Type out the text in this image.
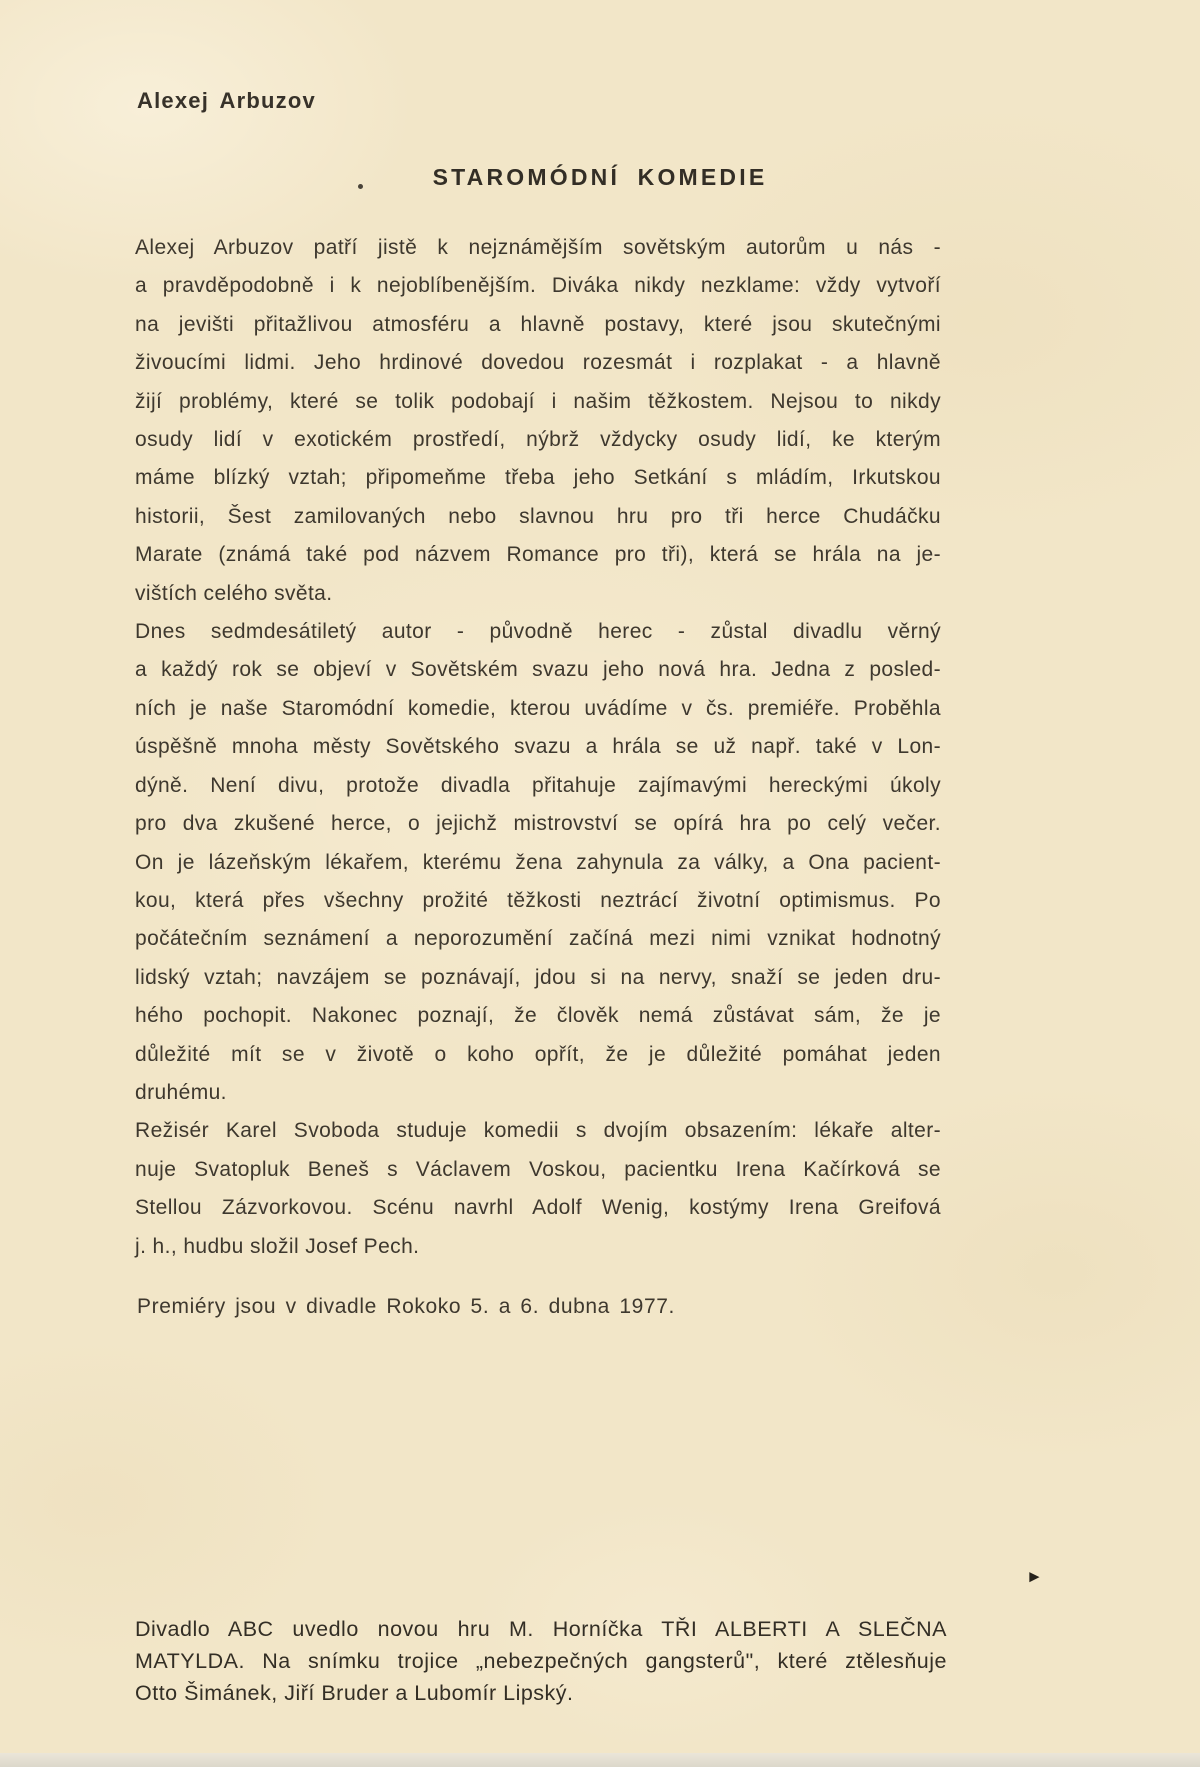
Alexej Arbuzov
STAROMÓDNÍ KOMEDIE
Alexej Arbuzov patří jistě k nejznámějším sovětským autorům u nás -
a pravděpodobně i k nejoblíbenějším. Diváka nikdy nezklame: vždy vytvoří
na jevišti přitažlivou atmosféru a hlavně postavy, které jsou skutečnými
živoucími lidmi. Jeho hrdinové dovedou rozesmát i rozplakat - a hlavně
žijí problémy, které se tolik podobají i našim těžkostem. Nejsou to nikdy
osudy lidí v exotickém prostředí, nýbrž vždycky osudy lidí, ke kterým
máme blízký vztah; připomeňme třeba jeho Setkání s mládím, Irkutskou
historii, Šest zamilovaných nebo slavnou hru pro tři herce Chudáčku
Marate (známá také pod názvem Romance pro tři), která se hrála na je-
vištích celého světa.
Dnes sedmdesátiletý autor - původně herec - zůstal divadlu věrný
a každý rok se objeví v Sovětském svazu jeho nová hra. Jedna z posled-
ních je naše Staromódní komedie, kterou uvádíme v čs. premiéře. Proběhla
úspěšně mnoha městy Sovětského svazu a hrála se už např. také v Lon-
dýně. Není divu, protože divadla přitahuje zajímavými hereckými úkoly
pro dva zkušené herce, o jejichž mistrovství se opírá hra po celý večer.
On je lázeňským lékařem, kterému žena zahynula za války, a Ona pacient-
kou, která přes všechny prožité těžkosti neztrácí životní optimismus. Po
počátečním seznámení a neporozumění začíná mezi nimi vznikat hodnotný
lidský vztah; navzájem se poznávají, jdou si na nervy, snaží se jeden dru-
hého pochopit. Nakonec poznají, že člověk nemá zůstávat sám, že je
důležité mít se v životě o koho opřít, že je důležité pomáhat jeden
druhému.
Režisér Karel Svoboda studuje komedii s dvojím obsazením: lékaře alter-
nuje Svatopluk Beneš s Václavem Voskou, pacientku Irena Kačírková se
Stellou Zázvorkovou. Scénu navrhl Adolf Wenig, kostýmy Irena Greifová
j. h., hudbu složil Josef Pech.
Premiéry jsou v divadle Rokoko 5. a 6. dubna 1977.
►
Divadlo ABC uvedlo novou hru M. Horníčka TŘI ALBERTI A SLEČNA
MATYLDA. Na snímku trojice „nebezpečných gangsterů", které ztělesňuje
Otto Šimánek, Jiří Bruder a Lubomír Lipský.
